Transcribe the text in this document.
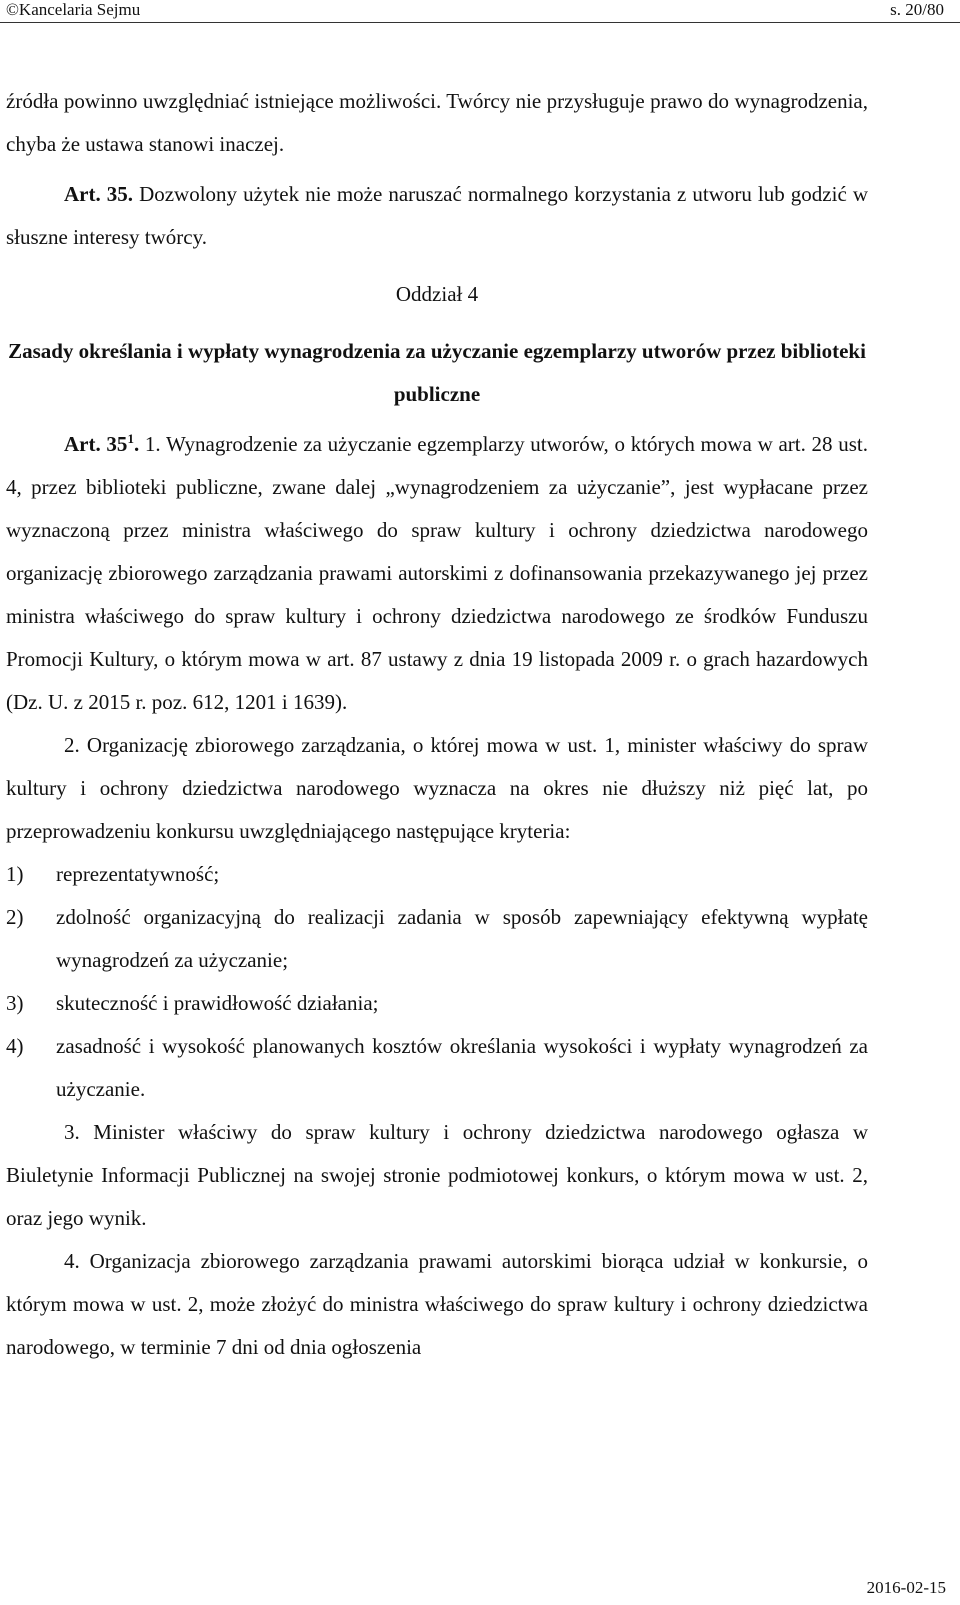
©Kancelaria Sejmu	s. 20/80

źródła powinno uwzględniać istniejące możliwości. Twórcy nie przysługuje prawo do wynagrodzenia, chyba że ustawa stanowi inaczej.

Art. 35. Dozwolony użytek nie może naruszać normalnego korzystania z utworu lub godzić w słuszne interesy twórcy.

Oddział 4

Zasady określania i wypłaty wynagrodzenia za użyczanie egzemplarzy utworów przez biblioteki publiczne

Art. $35^1$. 1. Wynagrodzenie za użyczanie egzemplarzy utworów, o których mowa w art. 28 ust. 4, przez biblioteki publiczne, zwane dalej „wynagrodzeniem za użyczanie”, jest wypłacane przez wyznaczoną przez ministra właściwego do spraw kultury i ochrony dziedzictwa narodowego organizację zbiorowego zarządzania prawami autorskimi z dofinansowania przekazywanego jej przez ministra właściwego do spraw kultury i ochrony dziedzictwa narodowego ze środków Funduszu Promocji Kultury, o którym mowa w art. 87 ustawy z dnia 19 listopada 2009 r. o grach hazardowych (Dz. U. z 2015 r. poz. 612, 1201 i 1639).

2. Organizację zbiorowego zarządzania, o której mowa w ust. 1, minister właściwy do spraw kultury i ochrony dziedzictwa narodowego wyznacza na okres nie dłuższy niż pięć lat, po przeprowadzeniu konkursu uwzględniającego następujące kryteria:

1)	reprezentatywność;
2)	zdolność organizacyjną do realizacji zadania w sposób zapewniający efektywną wypłatę wynagrodzeń za użyczanie;
3)	skuteczność i prawidłowość działania;
4)	zasadność i wysokość planowanych kosztów określania wysokości i wypłaty wynagrodzeń za użyczanie.

3. Minister właściwy do spraw kultury i ochrony dziedzictwa narodowego ogłasza w Biuletynie Informacji Publicznej na swojej stronie podmiotowej konkurs, o którym mowa w ust. 2, oraz jego wynik.

4. Organizacja zbiorowego zarządzania prawami autorskimi biorąca udział w konkursie, o którym mowa w ust. 2, może złożyć do ministra właściwego do spraw kultury i ochrony dziedzictwa narodowego, w terminie 7 dni od dnia ogłoszenia

2016-02-15
